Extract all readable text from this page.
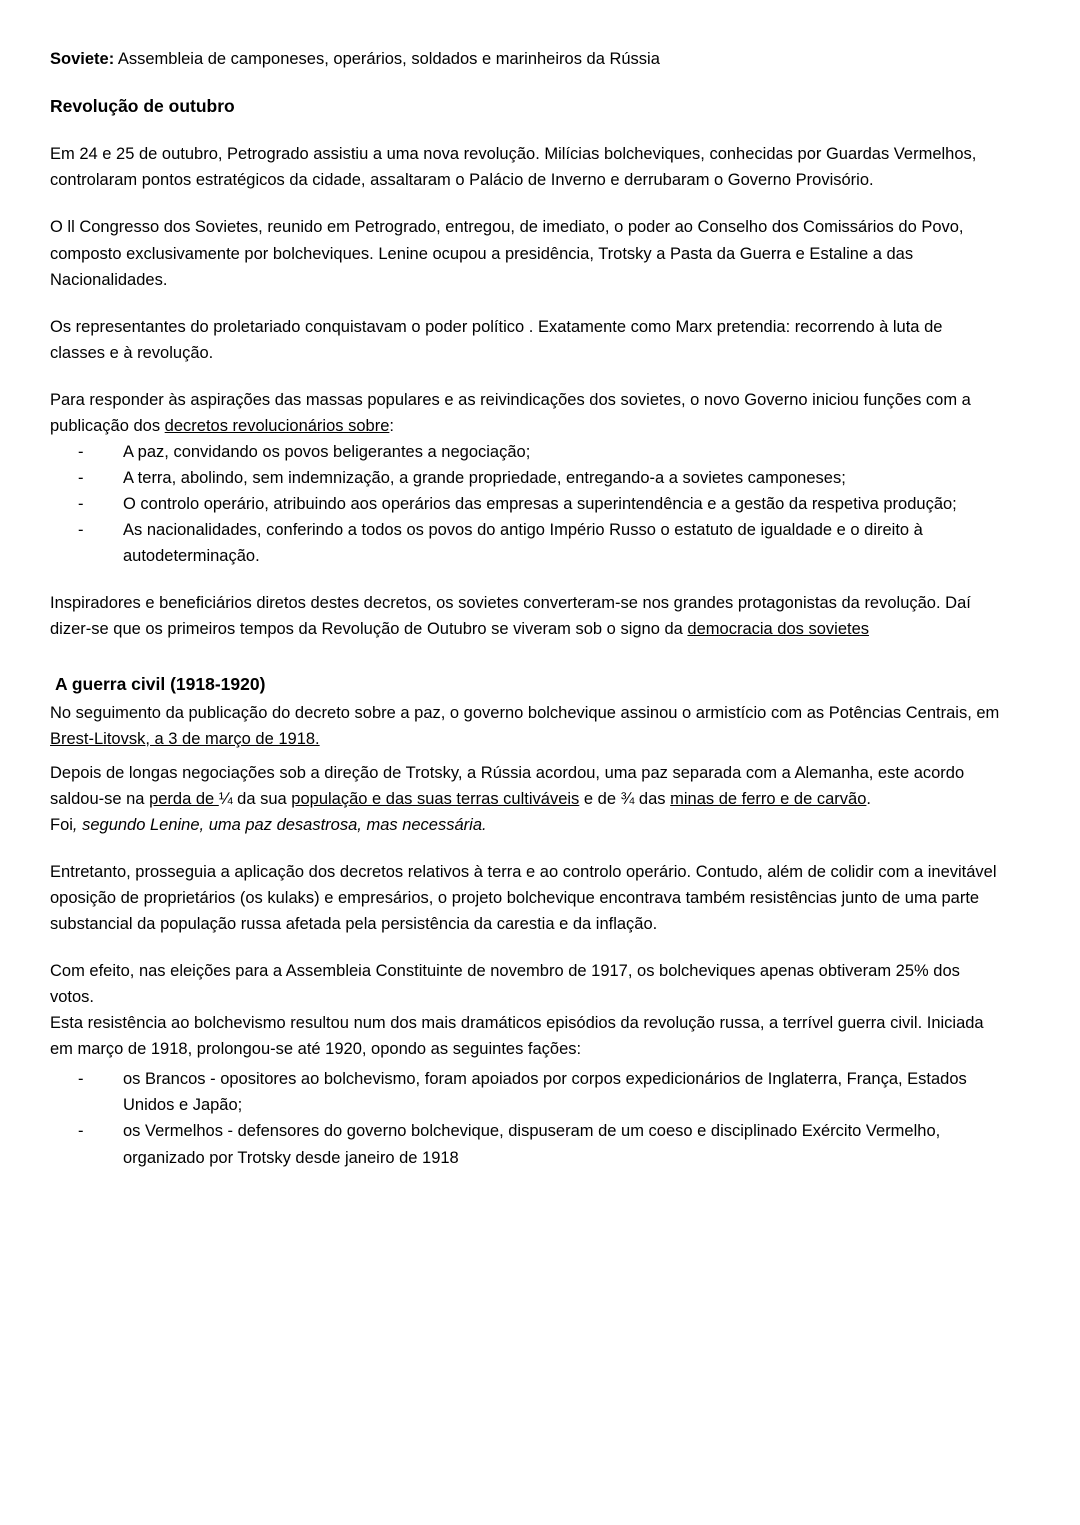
Soviete: Assembleia de camponeses, operários, soldados e marinheiros da Rússia

Revolução de outubro

Em 24 e 25 de outubro, Petrogrado assistiu a uma nova revolução. Milícias bolcheviques, conhecidas por Guardas Vermelhos, controlaram pontos estratégicos da cidade, assaltaram o Palácio de Inverno e derrubaram o Governo Provisório.

O ll Congresso dos Sovietes, reunido em Petrogrado, entregou, de imediato, o poder ao Conselho dos Comissários do Povo, composto exclusivamente por bolcheviques. Lenine ocupou a presidência, Trotsky a Pasta da Guerra e Estaline a das Nacionalidades.

Os representantes do proletariado conquistavam o poder político . Exatamente como Marx pretendia: recorrendo à luta de classes e à revolução.

Para responder às aspirações das massas populares e as reivindicações dos sovietes, o novo Governo iniciou funções com a publicação dos decretos revolucionários sobre:

- A paz, convidando os povos beligerantes a negociação;
- A terra, abolindo, sem indemnização, a grande propriedade, entregando-a a sovietes camponeses;
- O controlo operário, atribuindo aos operários das empresas a superintendência e a gestão da respetiva produção;
- As nacionalidades, conferindo a todos os povos do antigo Império Russo o estatuto de igualdade e o direito à autodeterminação.

Inspiradores e beneficiários diretos destes decretos, os sovietes converteram-se nos grandes protagonistas da revolução. Daí dizer-se que os primeiros tempos da Revolução de Outubro se viveram sob o signo da democracia dos sovietes

A guerra civil (1918-1920)

No seguimento da publicação do decreto sobre a paz, o governo bolchevique assinou o armistício com as Potências Centrais, em Brest-Litovsk, a 3 de março de 1918.

Depois de longas negociações sob a direção de Trotsky, a Rússia acordou, uma paz separada com a Alemanha, este acordo saldou-se na perda de ¼ da sua população e das suas terras cultiváveis e de ¾ das minas de ferro e de carvão.

Foi, segundo Lenine, uma paz desastrosa, mas necessária.

Entretanto, prosseguia a aplicação dos decretos relativos à terra e ao controlo operário. Contudo, além de colidir com a inevitável oposição de proprietários (os kulaks) e empresários, o projeto bolchevique encontrava também resistências junto de uma parte substancial da população russa afetada pela persistência da carestia e da inflação.

Com efeito, nas eleições para a Assembleia Constituinte de novembro de 1917, os bolcheviques apenas obtiveram 25% dos votos.

Esta resistência ao bolchevismo resultou num dos mais dramáticos episódios da revolução russa, a terrível guerra civil. Iniciada em março de 1918, prolongou-se até 1920, opondo as seguintes fações:

- os Brancos - opositores ao bolchevismo, foram apoiados por corpos expedicionários de Inglaterra, França, Estados Unidos e Japão;
- os Vermelhos - defensores do governo bolchevique, dispuseram de um coeso e disciplinado Exército Vermelho, organizado por Trotsky desde janeiro de 1918
